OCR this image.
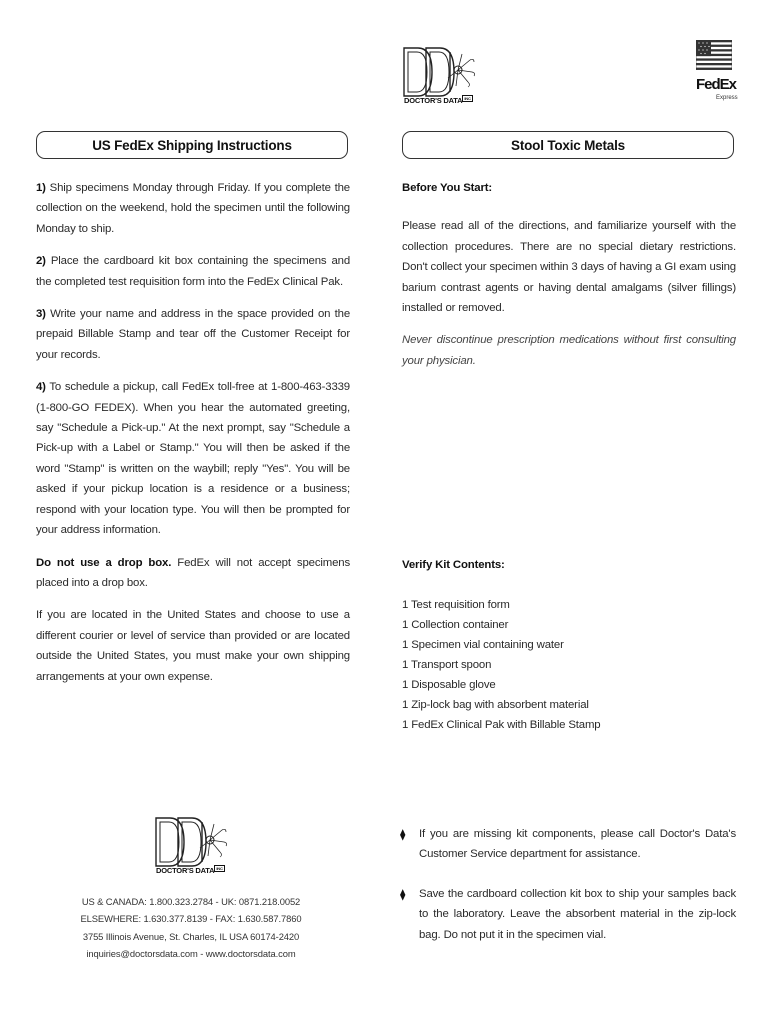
DOCTOR'S DATA $^{INC}$
FedEx
Express
US FedEx Shipping Instructions	Stool Toxic Metals

1) Ship specimens Monday through Friday. If you complete the collection on the weekend, hold the specimen until the following Monday to ship.

2) Place the cardboard kit box containing the specimens and the completed test requisition form into the FedEx Clinical Pak.

3) Write your name and address in the space provided on the prepaid Billable Stamp and tear off the Customer Receipt for your records.

4) To schedule a pickup, call FedEx toll-free at 1-800-463-3339 (1-800-GO FEDEX). When you hear the automated greeting, say "Schedule a Pick-up." At the next prompt, say "Schedule a Pick-up with a Label or Stamp." You will then be asked if the word "Stamp" is written on the waybill; reply "Yes". You will be asked if your pickup location is a residence or a business; respond with your location type. You will then be prompted for your address information.

Do not use a drop box. FedEx will not accept specimens placed into a drop box.

If you are located in the United States and choose to use a different courier or level of service than provided or are located outside the United States, you must make your own shipping arrangements at your own expense.

Before You Start:

Please read all of the directions, and familiarize yourself with the collection procedures. There are no special dietary restrictions. Don't collect your specimen within 3 days of having a GI exam using barium contrast agents or having dental amalgams (silver fillings) installed or removed.

Never discontinue prescription medications without first consulting your physician.

Verify Kit Contents:

1 Test requisition form
1 Collection container
1 Specimen vial containing water
1 Transport spoon
1 Disposable glove
1 Zip-lock bag with absorbent material
1 FedEx Clinical Pak with Billable Stamp
⧫ If you are missing kit components, please call Doctor's Data's Customer Service department for assistance.
⧫ Save the cardboard collection kit box to ship your samples back to the laboratory. Leave the absorbent material in the zip-lock bag. Do not put it in the specimen vial.
DOCTOR'S DATA $^{INC}$
US & CANADA: 1.800.323.2784 - UK: 0871.218.0052
ELSEWHERE: 1.630.377.8139 - FAX: 1.630.587.7860
3755 Illinois Avenue, St. Charles, IL USA 60174-2420
inquiries@doctorsdata.com - www.doctorsdata.com
